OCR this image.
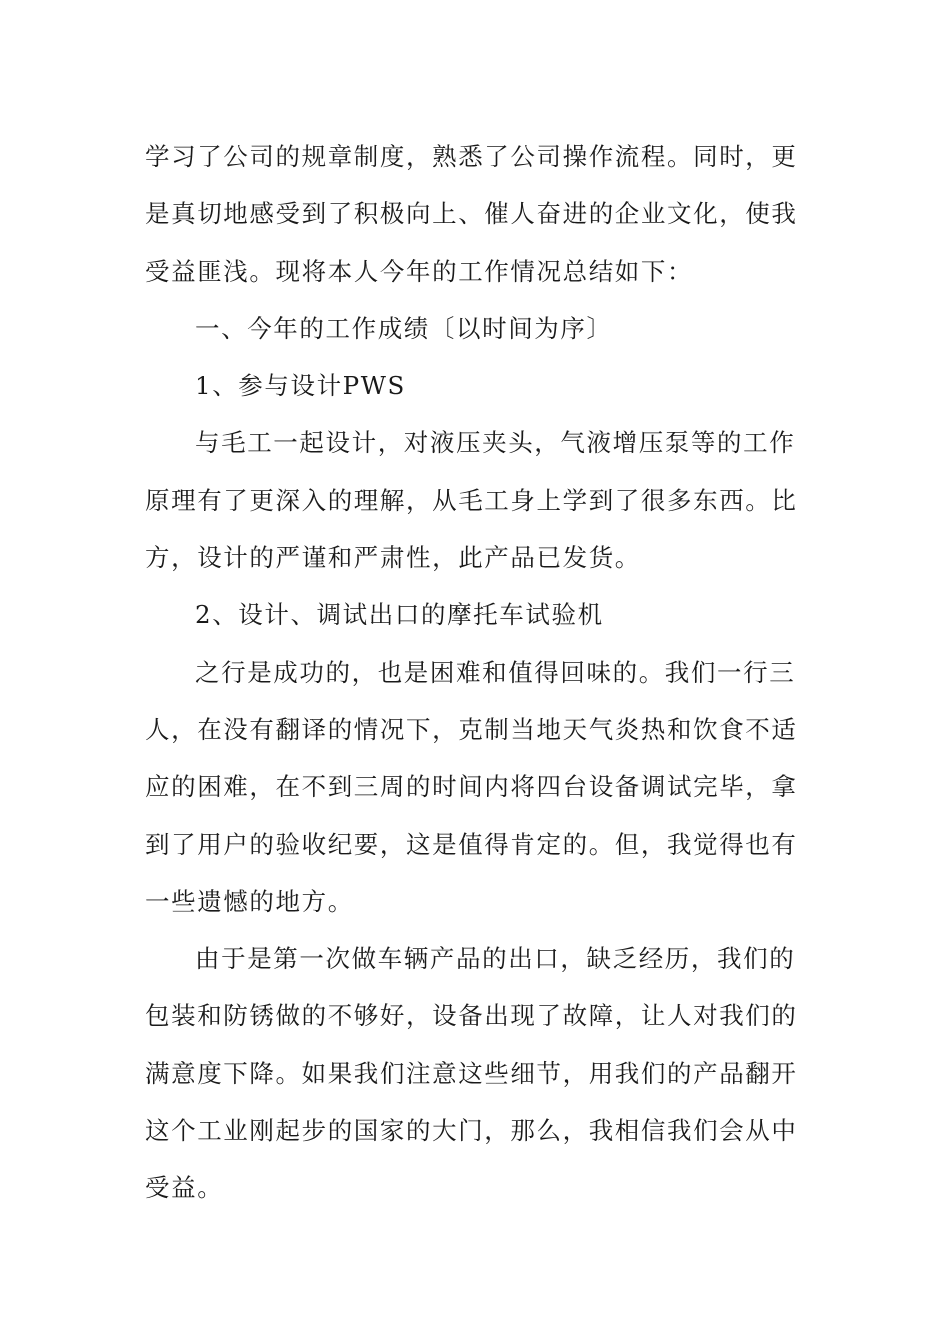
学习了公司的规章制度，熟悉了公司操作流程。同时，更
是真切地感受到了积极向上、催人奋进的企业文化，使我
受益匪浅。现将本人今年的工作情况总结如下：
一、今年的工作成绩〔以时间为序〕
1、参与设计PWS
与毛工一起设计，对液压夹头，气液增压泵等的工作
原理有了更深入的理解，从毛工身上学到了很多东西。比
方，设计的严谨和严肃性，此产品已发货。
2、设计、调试出口的摩托车试验机
之行是成功的，也是困难和值得回味的。我们一行三
人，在没有翻译的情况下，克制当地天气炎热和饮食不适
应的困难，在不到三周的时间内将四台设备调试完毕，拿
到了用户的验收纪要，这是值得肯定的。但，我觉得也有
一些遗憾的地方。
由于是第一次做车辆产品的出口，缺乏经历，我们的
包装和防锈做的不够好，设备出现了故障，让人对我们的
满意度下降。如果我们注意这些细节，用我们的产品翻开
这个工业刚起步的国家的大门，那么，我相信我们会从中
受益。
